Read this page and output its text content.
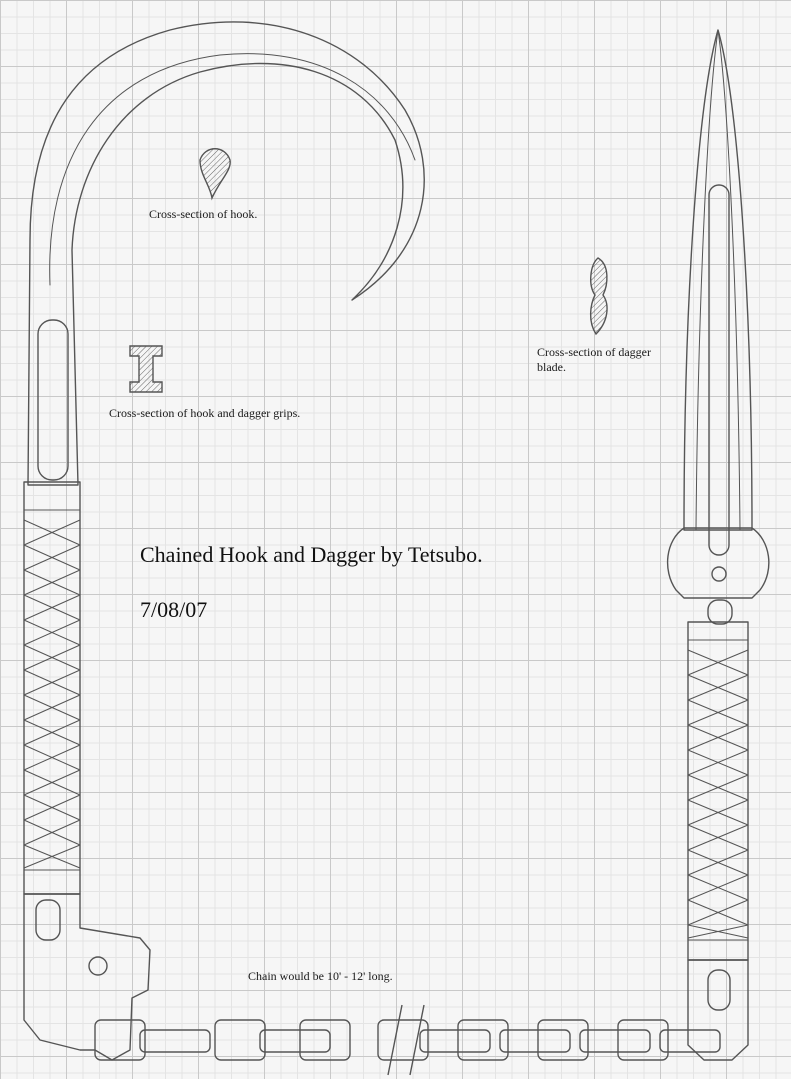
Cross-section of hook.
Cross-section of hook and dagger grips.
Cross-section of dagger blade.
Chain would be 10' - 12' long.
Chained Hook and Dagger by Tetsubo.
7/08/07
